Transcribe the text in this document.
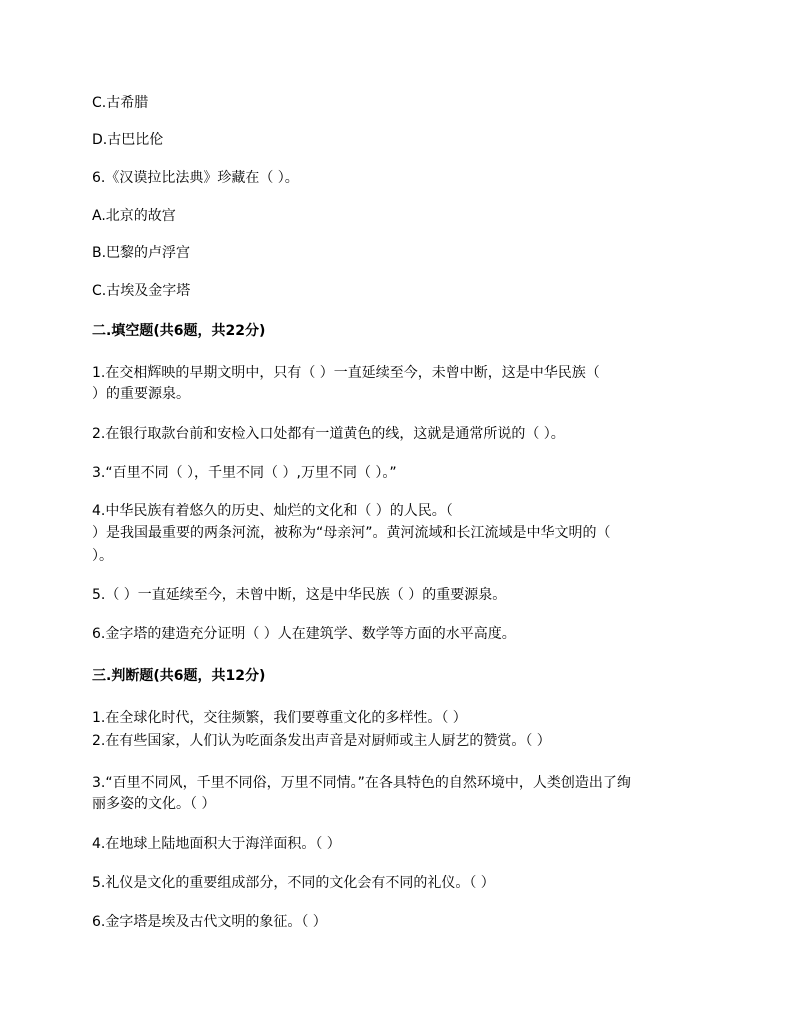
C.古希腊
D.古巴比伦
6.《汉谟拉比法典》珍藏在（ ）。
A.北京的故宫
B.巴黎的卢浮宫
C.古埃及金字塔
二.填空题(共6题，共22分)
1.在交相辉映的早期文明中，只有（ ）一直延续至今，未曾中断，这是中华民族（
）的重要源泉。
2.在银行取款台前和安检入口处都有一道黄色的线，这就是通常所说的（ ）。
3.“百里不同（ ），千里不同（ ）,万里不同（ ）。”
4.中华民族有着悠久的历史、灿烂的文化和（ ）的人民。（
）是我国最重要的两条河流，被称为“母亲河”。黄河流域和长江流域是中华文明的（
）。
5.（ ）一直延续至今，未曾中断，这是中华民族（ ）的重要源泉。
6.金字塔的建造充分证明（ ）人在建筑学、数学等方面的水平高度。
三.判断题(共6题，共12分)
1.在全球化时代，交往频繁，我们要尊重文化的多样性。（ ）
2.在有些国家，人们认为吃面条发出声音是对厨师或主人厨艺的赞赏。（ ）
3.“百里不同风，千里不同俗，万里不同情。”在各具特色的自然环境中，人类创造出了绚
丽多姿的文化。（ ）
4.在地球上陆地面积大于海洋面积。（ ）
5.礼仪是文化的重要组成部分，不同的文化会有不同的礼仪。（ ）
6.金字塔是埃及古代文明的象征。（ ）
